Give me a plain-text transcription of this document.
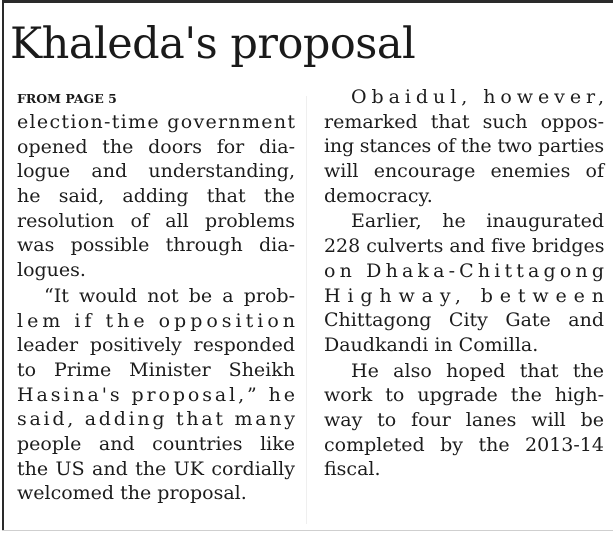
Khaleda's proposal
FROM PAGE 5
election-time government
opened the doors for dia-
logue and understanding,
he said, adding that the
resolution of all problems
was possible through dia-
logues.
“It would not be a prob-
lem if the opposition
leader positively responded
to Prime Minister Sheikh
Hasina's proposal,” he
said, adding that many
people and countries like
the US and the UK cordially
welcomed the proposal.
Obaidul, however,
remarked that such oppos-
ing stances of the two parties
will encourage enemies of
democracy.
Earlier, he inaugurated
228 culverts and five bridges
on Dhaka-Chittagong
Highway, between
Chittagong City Gate and
Daudkandi in Comilla.
He also hoped that the
work to upgrade the high-
way to four lanes will be
completed by the 2013-14
fiscal.
